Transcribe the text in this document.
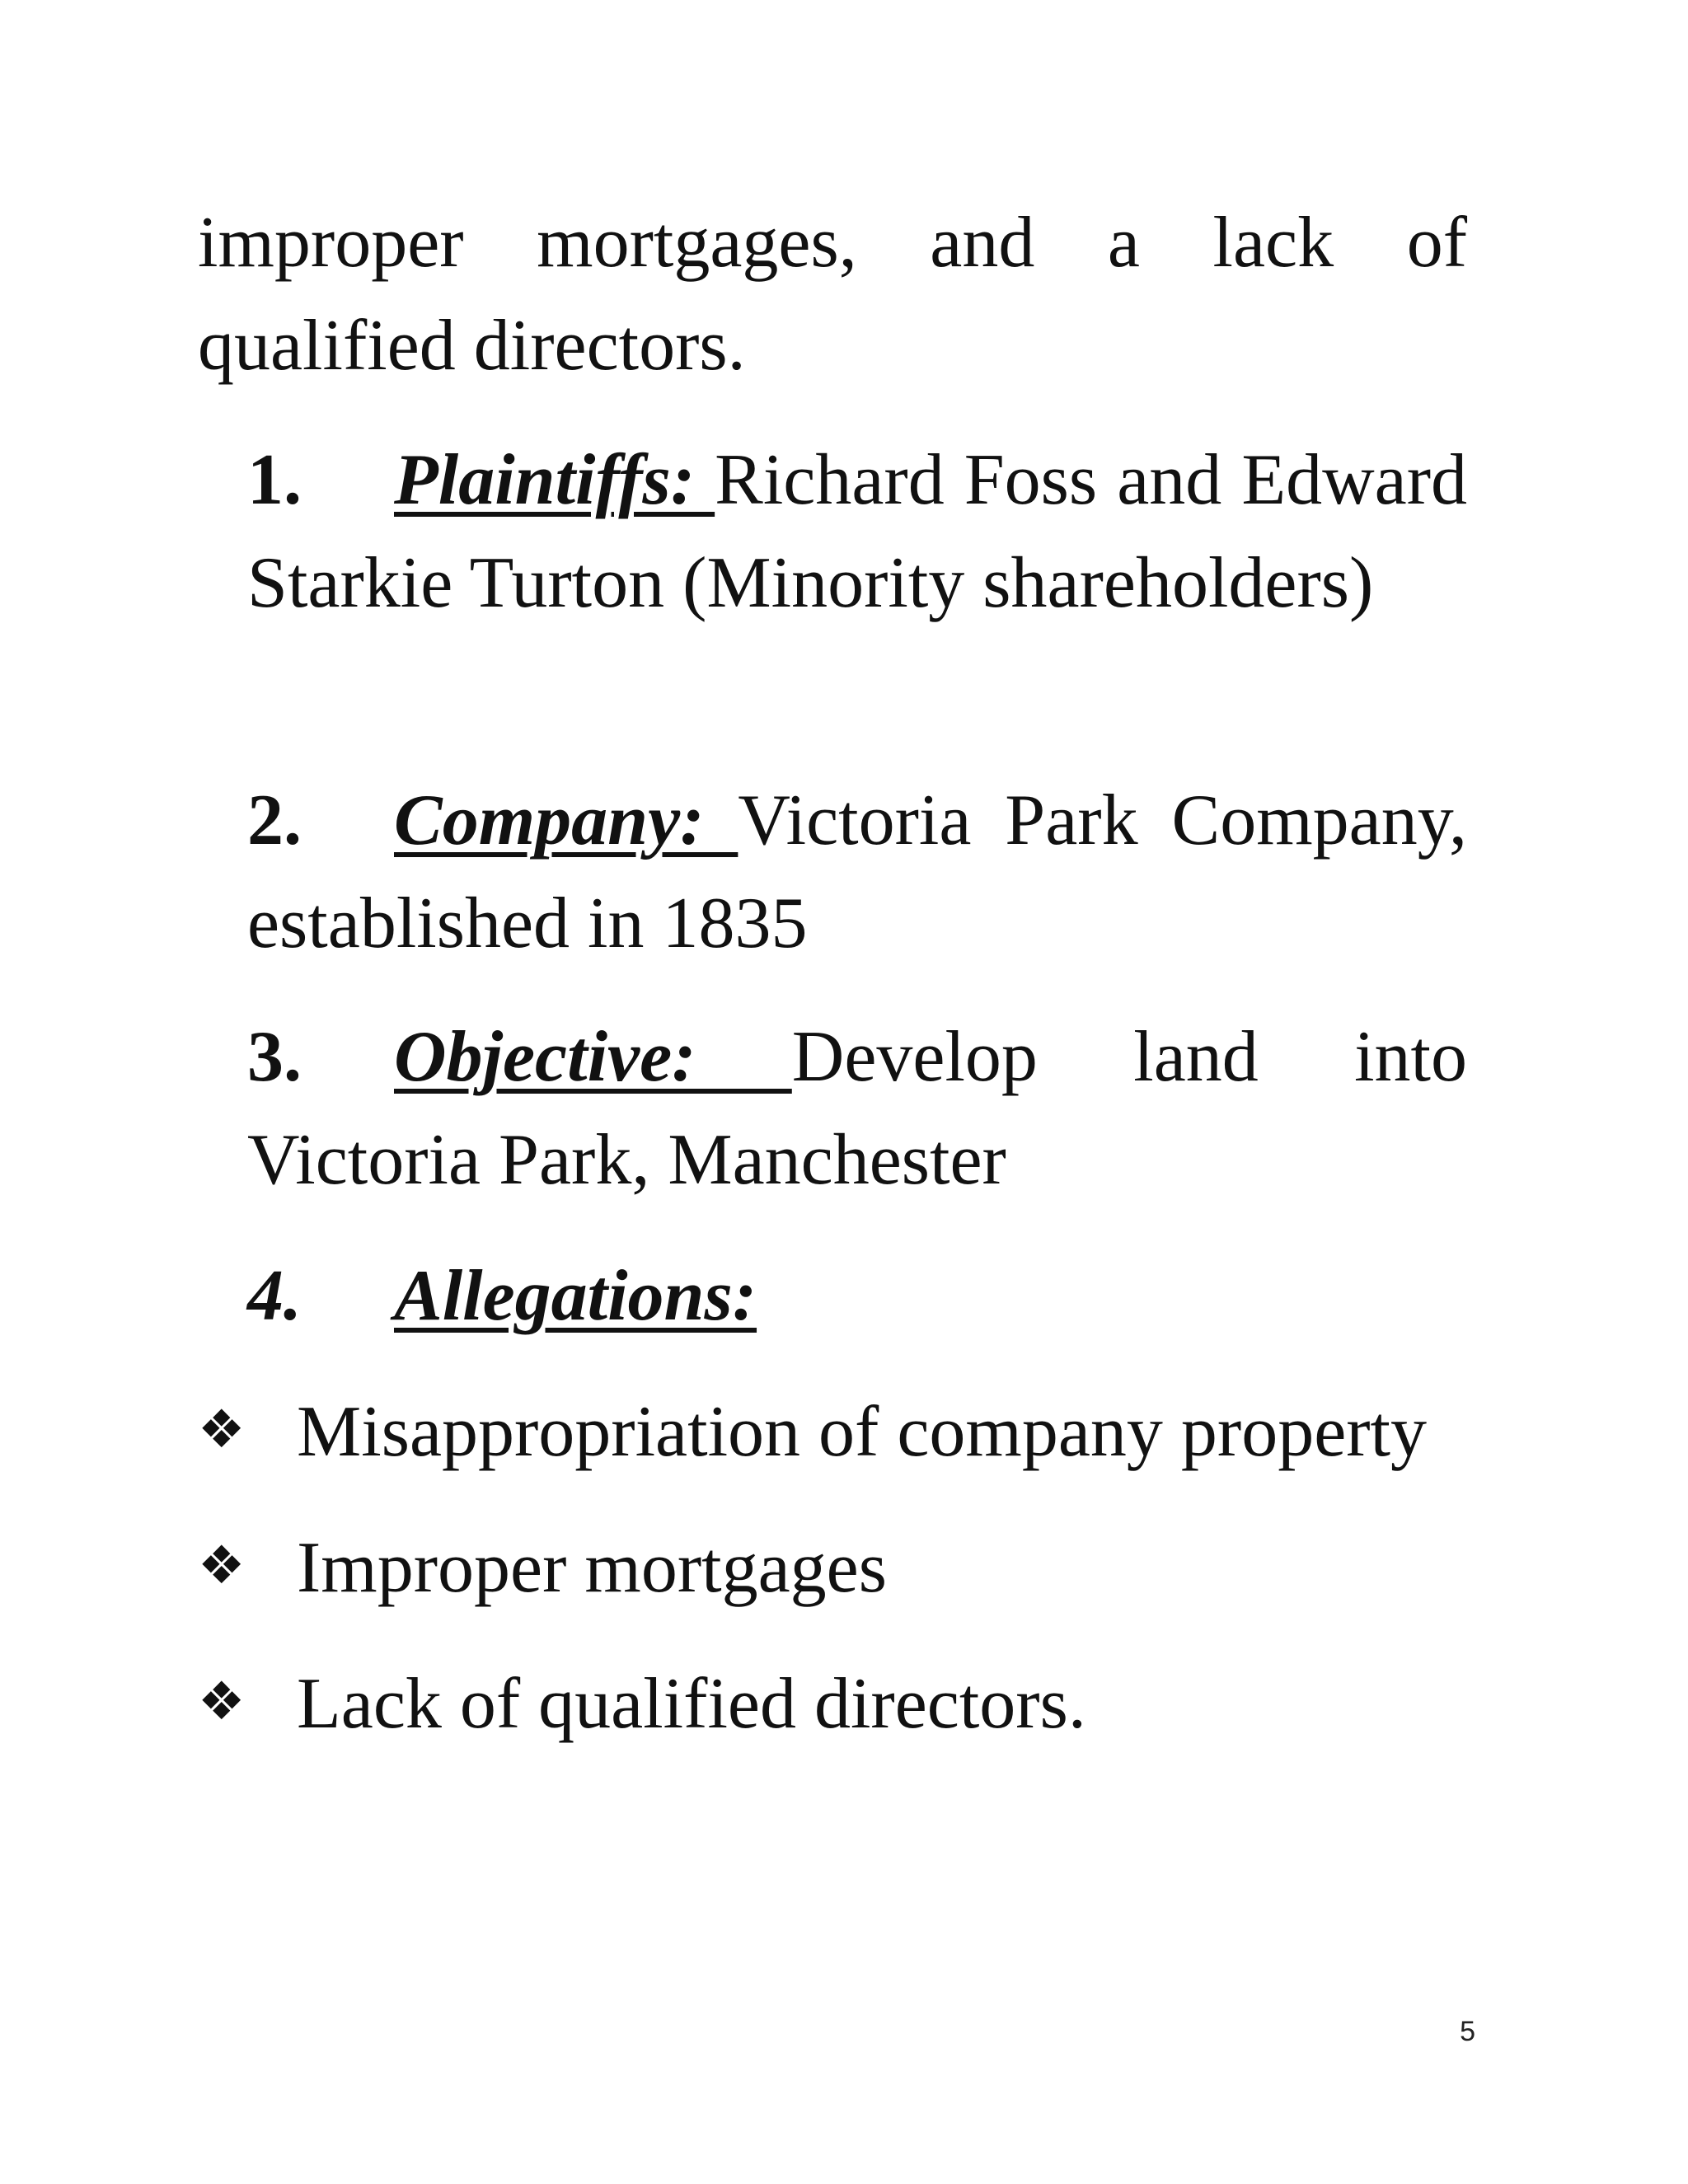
improper mortgages, and a lack of qualified directors.
1. Plaintiffs: Richard Foss and Edward Starkie Turton (Minority shareholders)
2. Company: Victoria Park Company, established in 1835
3. Objective: Develop land into Victoria Park, Manchester
4. Allegations:
❖ Misappropriation of company property
❖ Improper mortgages
❖ Lack of qualified directors.
5
